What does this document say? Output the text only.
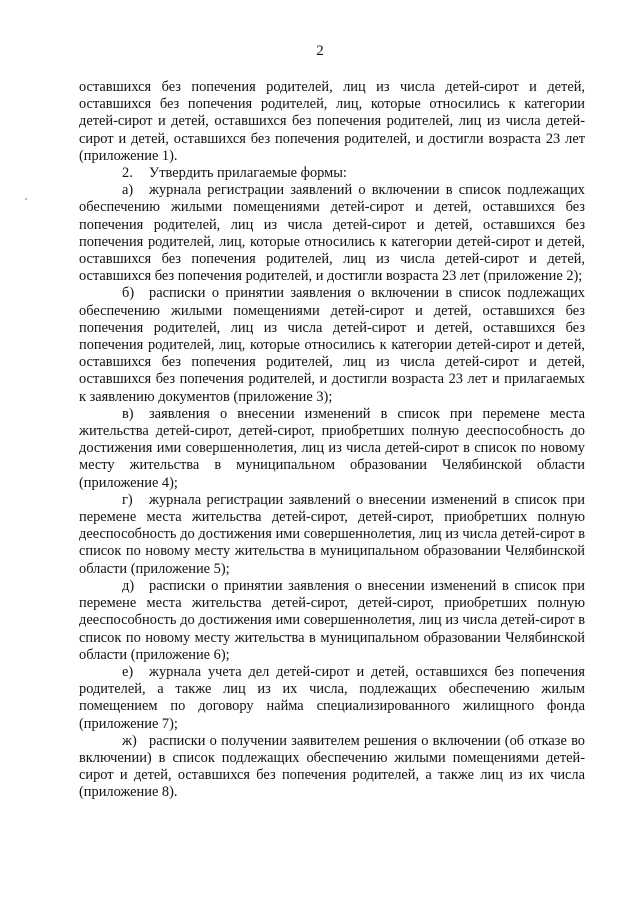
2

оставшихся без попечения родителей, лиц из числа детей-сирот и детей, оставшихся без попечения родителей, лиц, которые относились к категории детей-сирот и детей, оставшихся без попечения родителей, лиц из числа детей-сирот и детей, оставшихся без попечения родителей, и достигли возраста 23 лет (приложение 1).

2. Утвердить прилагаемые формы:

а) журнала регистрации заявлений о включении в список подлежащих обеспечению жилыми помещениями детей-сирот и детей, оставшихся без попечения родителей, лиц из числа детей-сирот и детей, оставшихся без попечения родителей, лиц, которые относились к категории детей-сирот и детей, оставшихся без попечения родителей, лиц из числа детей-сирот и детей, оставшихся без попечения родителей, и достигли возраста 23 лет (приложение 2);

б) расписки о принятии заявления о включении в список подлежащих обеспечению жилыми помещениями детей-сирот и детей, оставшихся без попечения родителей, лиц из числа детей-сирот и детей, оставшихся без попечения родителей, лиц, которые относились к категории детей-сирот и детей, оставшихся без попечения родителей, лиц из числа детей-сирот и детей, оставшихся без попечения родителей, и достигли возраста 23 лет и прилагаемых к заявлению документов (приложение 3);

в) заявления о внесении изменений в список при перемене места жительства детей-сирот, детей-сирот, приобретших полную дееспособность до достижения ими совершеннолетия, лиц из числа детей-сирот в список по новому месту жительства в муниципальном образовании Челябинской области (приложение 4);

г) журнала регистрации заявлений о внесении изменений в список при перемене места жительства детей-сирот, детей-сирот, приобретших полную дееспособность до достижения ими совершеннолетия, лиц из числа детей-сирот в список по новому месту жительства в муниципальном образовании Челябинской области (приложение 5);

д) расписки о принятии заявления о внесении изменений в список при перемене места жительства детей-сирот, детей-сирот, приобретших полную дееспособность до достижения ими совершеннолетия, лиц из числа детей-сирот в список по новому месту жительства в муниципальном образовании Челябинской области (приложение 6);

е) журнала учета дел детей-сирот и детей, оставшихся без попечения родителей, а также лиц из их числа, подлежащих обеспечению жилым помещением по договору найма специализированного жилищного фонда (приложение 7);

ж) расписки о получении заявителем решения о включении (об отказе во включении) в список подлежащих обеспечению жилыми помещениями детей-сирот и детей, оставшихся без попечения родителей, а также лиц из их числа (приложение 8).
